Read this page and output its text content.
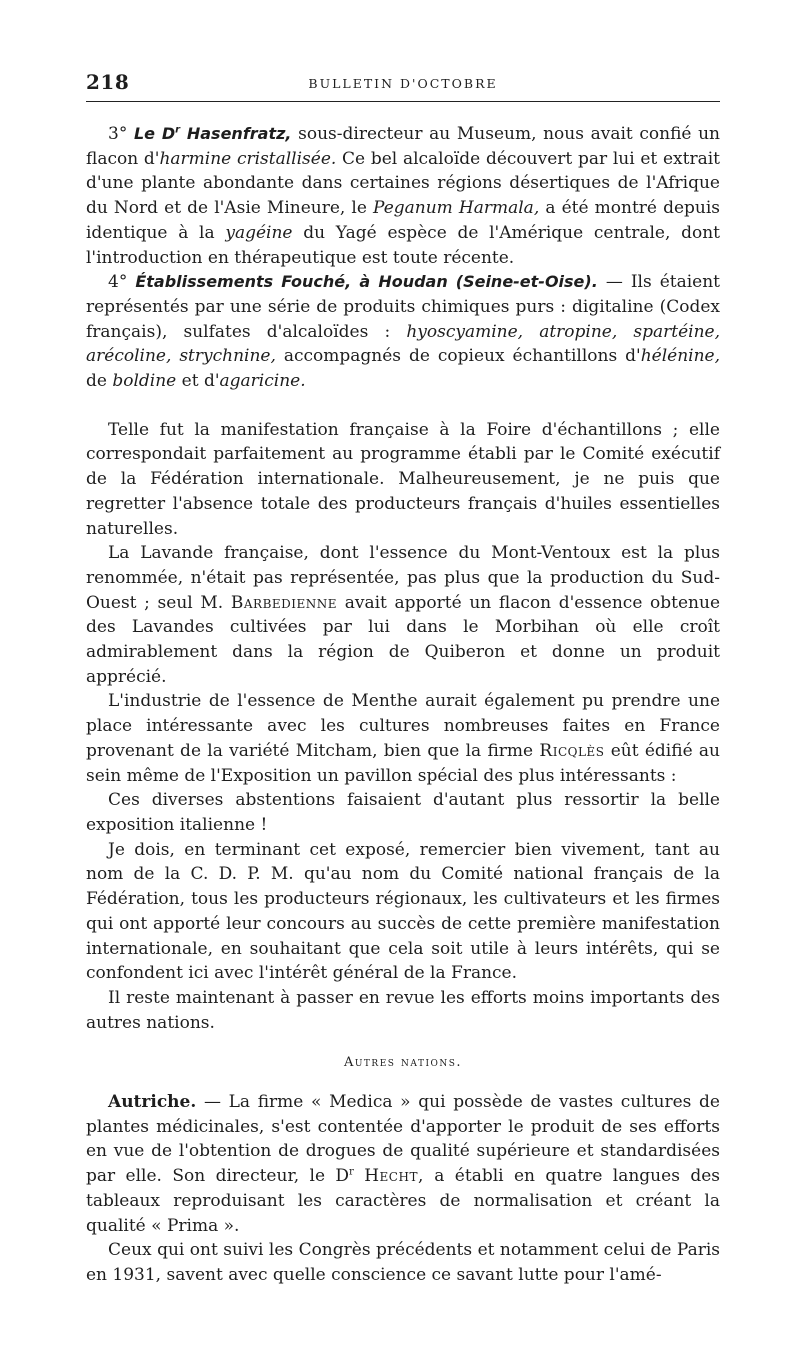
218	BULLETIN D'OCTOBRE

3° Le $D^r$ Hasenfratz, sous-directeur au Museum, nous avait confié un flacon d'harmine cristallisée. Ce bel alcaloïde découvert par lui et extrait d'une plante abondante dans certaines régions désertiques de l'Afrique du Nord et de l'Asie Mineure, le Peganum Harmala, a été montré depuis identique à la yagéine du Yagé espèce de l'Amérique centrale, dont l'introduction en thérapeutique est toute récente.

4° Établissements Fouché, à Houdan (Seine-et-Oise). — Ils étaient représentés par une série de produits chimiques purs : digitaline (Codex français), sulfates d'alcaloïdes : hyoscyamine, atropine, spartéine, arécoline, strychnine, accompagnés de copieux échantillons d'hélénine, de boldine et d'agaricine.

Telle fut la manifestation française à la Foire d'échantillons ; elle correspondait parfaitement au programme établi par le Comité exécutif de la Fédération internationale. Malheureusement, je ne puis que regretter l'absence totale des producteurs français d'huiles essentielles naturelles.

La Lavande française, dont l'essence du Mont-Ventoux est la plus renommée, n'était pas représentée, pas plus que la production du Sud-Ouest ; seul M. Barbedienne avait apporté un flacon d'essence obtenue des Lavandes cultivées par lui dans le Morbihan où elle croît admirablement dans la région de Quiberon et donne un produit apprécié.

L'industrie de l'essence de Menthe aurait également pu prendre une place intéressante avec les cultures nombreuses faites en France provenant de la variété Mitcham, bien que la firme Ricqlès eût édifié au sein même de l'Exposition un pavillon spécial des plus intéressants :

Ces diverses abstentions faisaient d'autant plus ressortir la belle exposition italienne !

Je dois, en terminant cet exposé, remercier bien vivement, tant au nom de la C. D. P. M. qu'au nom du Comité national français de la Fédération, tous les producteurs régionaux, les cultivateurs et les firmes qui ont apporté leur concours au succès de cette première manifestation internationale, en souhaitant que cela soit utile à leurs intérêts, qui se confondent ici avec l'intérêt général de la France.

Il reste maintenant à passer en revue les efforts moins importants des autres nations.

Autres nations.

Autriche. — La firme « Medica » qui possède de vastes cultures de plantes médicinales, s'est contentée d'apporter le produit de ses efforts en vue de l'obtention de drogues de qualité supérieure et standardisées par elle. Son directeur, le $D^r$ Hecht, a établi en quatre langues des tableaux reproduisant les caractères de normalisation et créant la qualité « Prima ».

Ceux qui ont suivi les Congrès précédents et notamment celui de Paris en 1931, savent avec quelle conscience ce savant lutte pour l'amé-
